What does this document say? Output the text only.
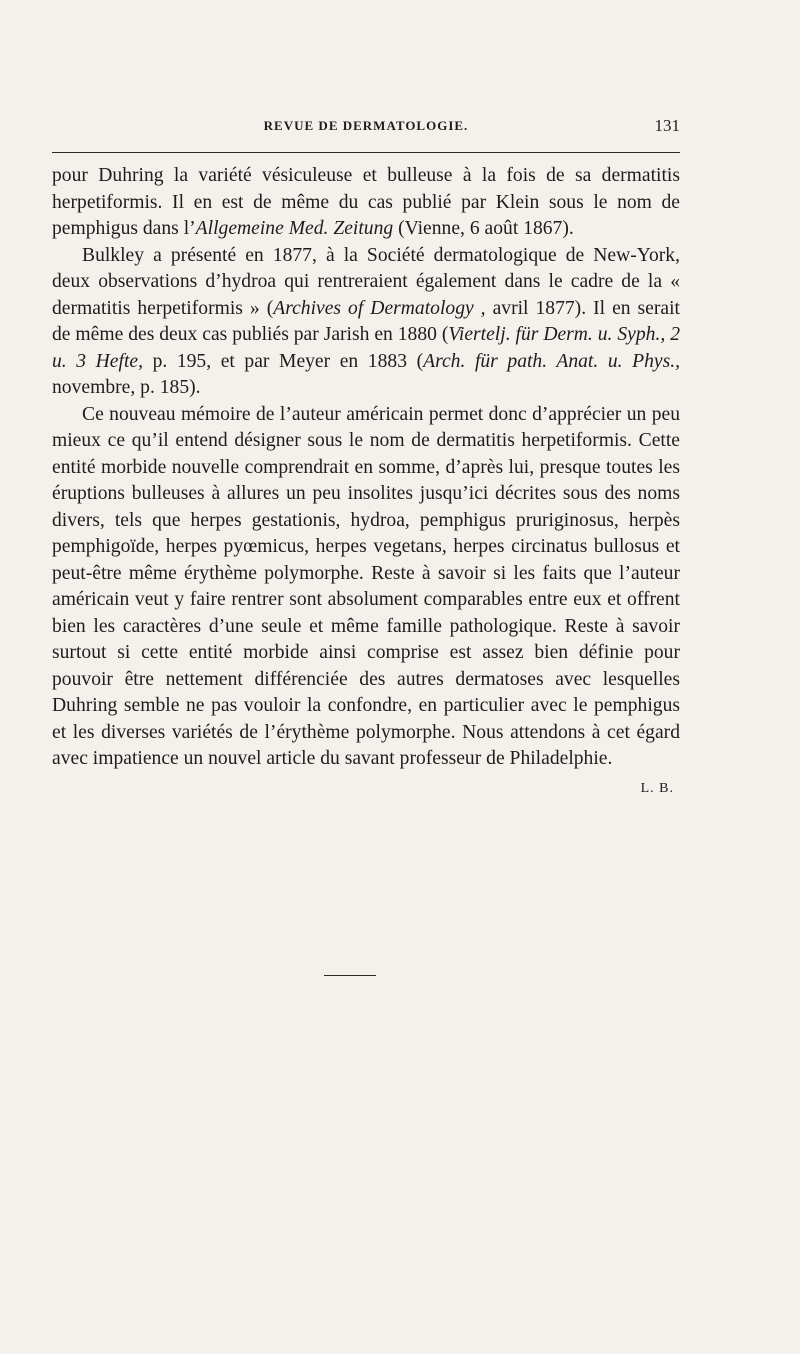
REVUE DE DERMATOLOGIE.	131

pour Duhring la variété vésiculeuse et bulleuse à la fois de sa dermatitis herpetiformis. Il en est de même du cas publié par Klein sous le nom de pemphigus dans l’Allgemeine Med. Zeitung (Vienne, 6 août 1867).

Bulkley a présenté en 1877, à la Société dermatologique de New-York, deux observations d’hydroa qui rentreraient également dans le cadre de la « dermatitis herpetiformis » (Archives of Dermatology , avril 1877). Il en serait de même des deux cas publiés par Jarish en 1880 (Viertelj. für Derm. u. Syph., 2 u. 3 Hefte, p. 195, et par Meyer en 1883 (Arch. für path. Anat. u. Phys., novembre, p. 185).

Ce nouveau mémoire de l’auteur américain permet donc d’apprécier un peu mieux ce qu’il entend désigner sous le nom de dermatitis herpetiformis. Cette entité morbide nouvelle comprendrait en somme, d’après lui, presque toutes les éruptions bulleuses à allures un peu insolites jusqu’ici décrites sous des noms divers, tels que herpes gestationis, hydroa, pemphigus pruriginosus, herpès pemphigoïde, herpes pyœmicus, herpes vegetans, herpes circinatus bullosus et peut-être même érythème polymorphe. Reste à savoir si les faits que l’auteur américain veut y faire rentrer sont absolument comparables entre eux et offrent bien les caractères d’une seule et même famille pathologique. Reste à savoir surtout si cette entité morbide ainsi comprise est assez bien définie pour pouvoir être nettement différenciée des autres dermatoses avec lesquelles Duhring semble ne pas vouloir la confondre, en particulier avec le pemphigus et les diverses variétés de l’érythème polymorphe. Nous attendons à cet égard avec impatience un nouvel article du savant professeur de Philadelphie.
L. B.
